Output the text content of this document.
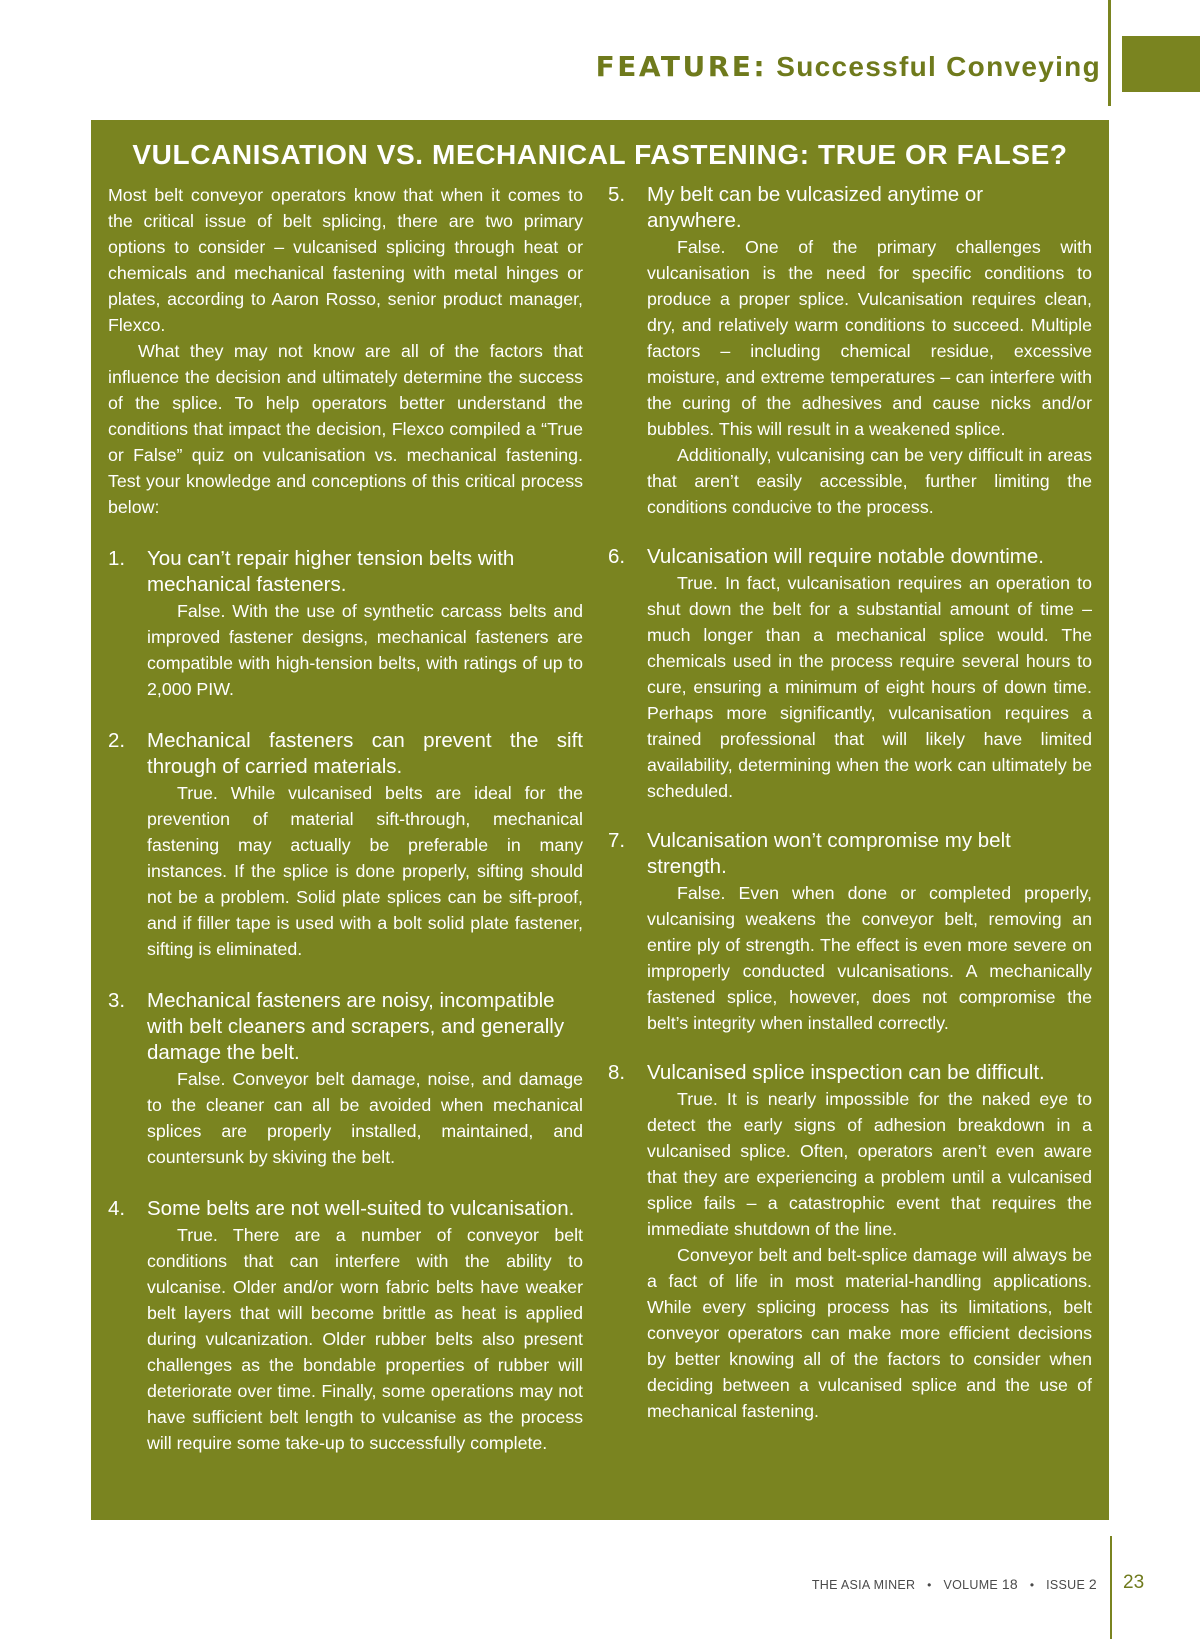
FEATURE: Successful Conveying
VULCANISATION VS. MECHANICAL FASTENING: TRUE OR FALSE?

Most belt conveyor operators know that when it comes to the critical issue of belt splicing, there are two primary options to consider – vulcanised splicing through heat or chemicals and mechanical fastening with metal hinges or plates, according to Aaron Rosso, senior product manager, Flexco.

What they may not know are all of the factors that influence the decision and ultimately determine the success of the splice. To help operators better understand the conditions that impact the decision, Flexco compiled a “True or False” quiz on vulcanisation vs. mechanical fastening. Test your knowledge and conceptions of this critical process below:

1. You can’t repair higher tension belts with mechanical fasteners.

False. With the use of synthetic carcass belts and improved fastener designs, mechanical fasteners are compatible with high-tension belts, with ratings of up to 2,000 PIW.

2. Mechanical fasteners can prevent the sift through of carried materials.

True. While vulcanised belts are ideal for the prevention of material sift-through, mechanical fastening may actually be preferable in many instances. If the splice is done properly, sifting should not be a problem. Solid plate splices can be sift-proof, and if filler tape is used with a bolt solid plate fastener, sifting is eliminated.

3. Mechanical fasteners are noisy, incompatible with belt cleaners and scrapers, and generally damage the belt.

False. Conveyor belt damage, noise, and damage to the cleaner can all be avoided when mechanical splices are properly installed, maintained, and countersunk by skiving the belt.

4. Some belts are not well-suited to vulcanisation.

True. There are a number of conveyor belt conditions that can interfere with the ability to vulcanise. Older and/or worn fabric belts have weaker belt layers that will become brittle as heat is applied during vulcanization. Older rubber belts also present challenges as the bondable properties of rubber will deteriorate over time. Finally, some operations may not have sufficient belt length to vulcanise as the process will require some take-up to successfully complete.

5. My belt can be vulcasized anytime or anywhere.

False. One of the primary challenges with vulcanisation is the need for specific conditions to produce a proper splice. Vulcanisation requires clean, dry, and relatively warm conditions to succeed. Multiple factors – including chemical residue, excessive moisture, and extreme temperatures – can interfere with the curing of the adhesives and cause nicks and/or bubbles. This will result in a weakened splice.

Additionally, vulcanising can be very difficult in areas that aren’t easily accessible, further limiting the conditions conducive to the process.

6. Vulcanisation will require notable downtime.

True. In fact, vulcanisation requires an operation to shut down the belt for a substantial amount of time – much longer than a mechanical splice would. The chemicals used in the process require several hours to cure, ensuring a minimum of eight hours of down time. Perhaps more significantly, vulcanisation requires a trained professional that will likely have limited availability, determining when the work can ultimately be scheduled.

7. Vulcanisation won’t compromise my belt strength.

False. Even when done or completed properly, vulcanising weakens the conveyor belt, removing an entire ply of strength. The effect is even more severe on improperly conducted vulcanisations. A mechanically fastened splice, however, does not compromise the belt’s integrity when installed correctly.

8. Vulcanised splice inspection can be difficult.

True. It is nearly impossible for the naked eye to detect the early signs of adhesion breakdown in a vulcanised splice. Often, operators aren’t even aware that they are experiencing a problem until a vulcanised splice fails – a catastrophic event that requires the immediate shutdown of the line.

Conveyor belt and belt-splice damage will always be a fact of life in most material-handling applications. While every splicing process has its limitations, belt conveyor operators can make more efficient decisions by better knowing all of the factors to consider when deciding between a vulcanised splice and the use of mechanical fastening.

THE ASIA MINER • VOLUME 18 • ISSUE 2 23
